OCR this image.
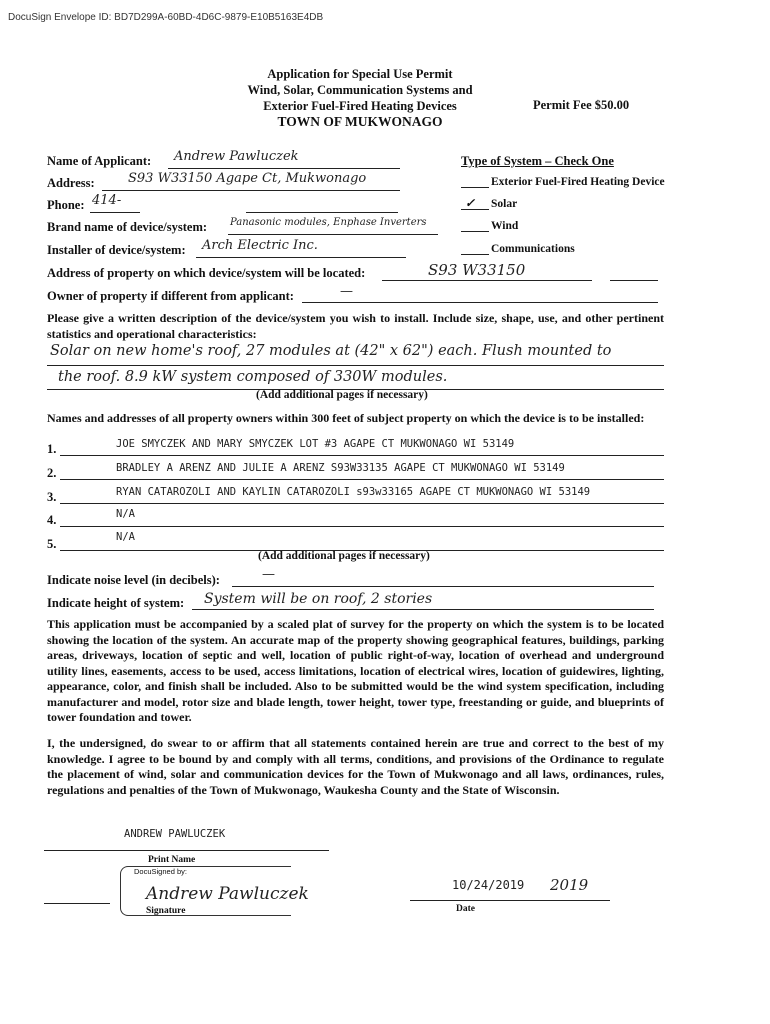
DocuSign Envelope ID: BD7D299A-60BD-4D6C-9879-E10B5163E4DB
Application for Special Use Permit
Wind, Solar, Communication Systems and
Exterior Fuel-Fired Heating Devices
TOWN OF MUKWONAGO
Permit Fee $50.00
Name of Applicant: Andrew Pawluczek
Address:	S93 W33150 Agape Ct, Mukwonago
Phone: 414-
Brand name of device/system: Panasonic modules, Enphase Inverters
Installer of device/system: Arch Electric Inc.
Address of property on which device/system will be located:	S93 W33150
Owner of property if different from applicant:	—
Type of System – Check One
Exterior Fuel-Fired Heating Device
✓ Solar
Wind
Communications
Please give a written description of the device/system you wish to install. Include size, shape, use, and other pertinent statistics and operational characteristics:
Solar on new home's roof, 27 modules at (42" x 62") each. Flush mounted to
the roof. 8.9 kW system composed of 330W modules.
(Add additional pages if necessary)
Names and addresses of all property owners within 300 feet of subject property on which the device is to be installed:
1.	JOE SMYCZEK AND MARY SMYCZEK LOT #3 AGAPE CT MUKWONAGO WI 53149
2.	BRADLEY A ARENZ AND JULIE A ARENZ S93W33135 AGAPE CT MUKWONAGO WI 53149
3.	RYAN CATAROZOLI AND KAYLIN CATAROZOLI s93w33165 AGAPE CT MUKWONAGO WI 53149
4.	N/A
5.	N/A
(Add additional pages if necessary)
Indicate noise level (in decibels):	—
Indicate height of system: System will be on roof, 2 stories
This application must be accompanied by a scaled plat of survey for the property on which the system is to be located showing the location of the system. An accurate map of the property showing geographical features, buildings, parking areas, driveways, location of septic and well, location of public right-of-way, location of overhead and underground utility lines, easements, access to be used, access limitations, location of electrical wires, location of guidewires, lighting, appearance, color, and finish shall be included. Also to be submitted would be the wind system specification, including manufacturer and model, rotor size and blade length, tower height, tower type, freestanding or guide, and blueprints of tower foundation and tower.
I, the undersigned, do swear to or affirm that all statements contained herein are true and correct to the best of my knowledge. I agree to be bound by and comply with all terms, conditions, and provisions of the Ordinance to regulate the placement of wind, solar and communication devices for the Town of Mukwonago and all laws, ordinances, rules, regulations and penalties of the Town of Mukwonago, Waukesha County and the State of Wisconsin.
ANDREW PAWLUCZEK
Print Name
DocuSigned by:
Andrew Pawluczek
Signature
10/24/2019 2019
Date
